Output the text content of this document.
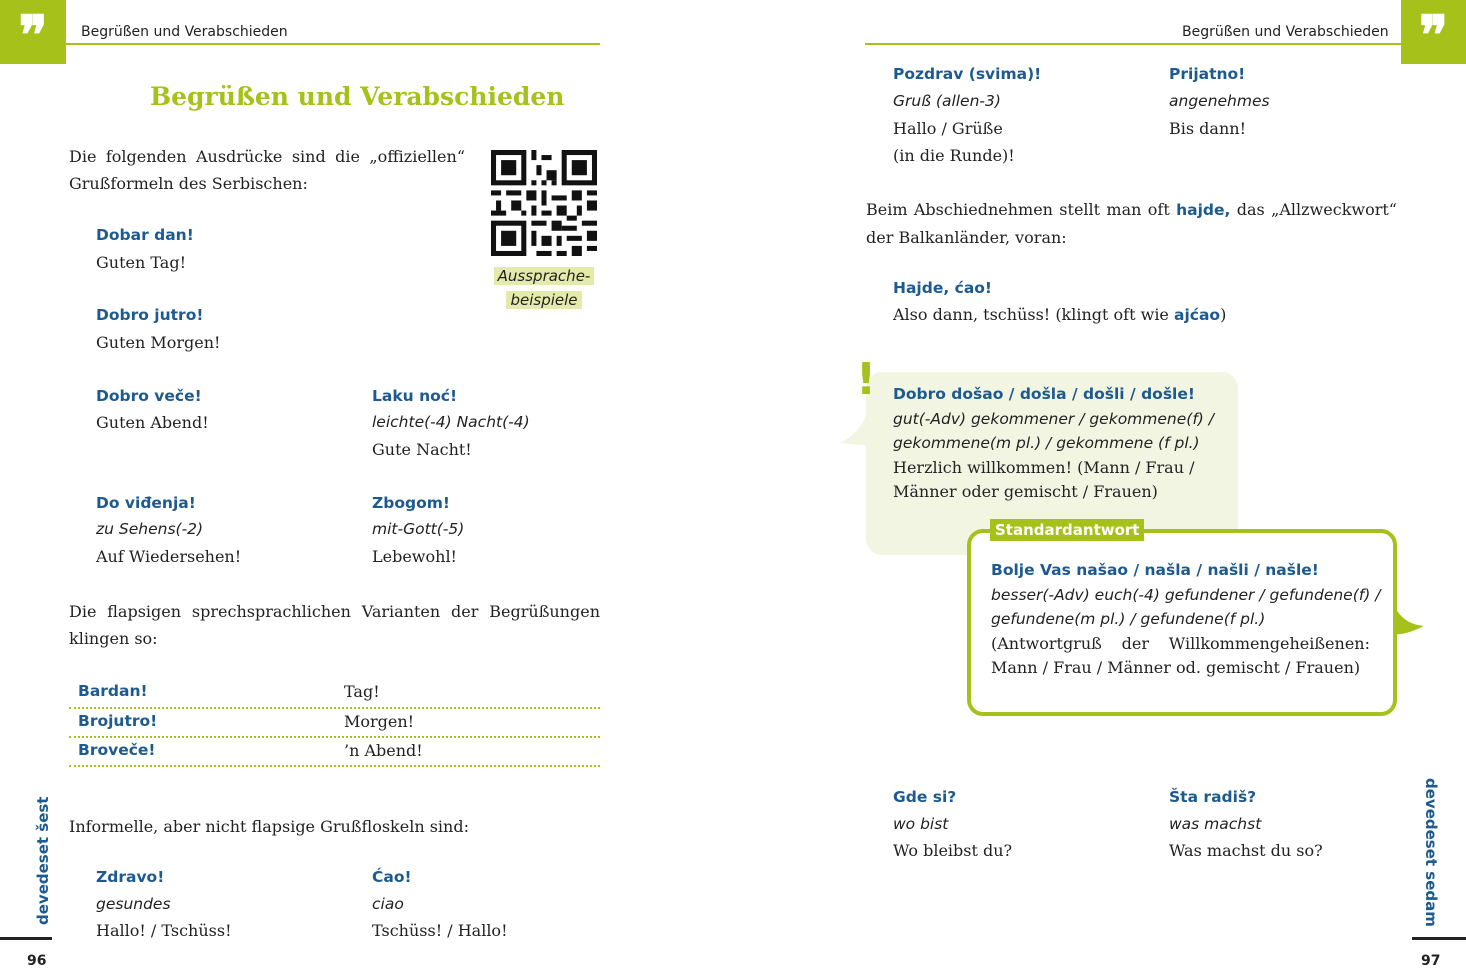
❞	Begrüßen und Verabschieden
Begrüßen und Verabschieden
Die folgenden Ausdrücke sind die „offiziellen“ Grußformeln des Serbischen:
Aussprache-
beispiele
Dobar dan!
Guten Tag!
Dobro jutro!
Guten Morgen!
Dobro veče!
Guten Abend!
Laku noć!
leichte(-4) Nacht(-4)
Gute Nacht!
Do viđenja!
zu Sehens(-2)
Auf Wiedersehen!
Zbogom!
mit-Gott(-5)
Lebewohl!
Die flapsigen sprechsprachlichen Varianten der Begrüßungen klingen so:
Bardan!	Tag!
Brojutro!	Morgen!
Broveče!	’n Abend!
Informelle, aber nicht flapsige Grußfloskeln sind:
Zdravo!
gesundes
Hallo! / Tschüss!
Ćao!
ciao
Tschüss! / Hallo!
devedeset šest
96
❞
Begrüßen und Verabschieden
Pozdrav (svima)!
Gruß (allen-3)
Hallo / Grüße
(in die Runde)!
Prijatno!
angenehmes
Bis dann!
Beim Abschiednehmen stellt man oft hajde, das „Allzweckwort“ der Balkanländer, voran:
Hajde, ćao!
Also dann, tschüss! (klingt oft wie ajćao)
! Dobro došao / došla / došli / došle!
gut(-Adv) gekommener / gekommene(f) /
gekommene(m pl.) / gekommene (f pl.)
Herzlich willkommen! (Mann / Frau /
Männer oder gemischt / Frauen)
Standardantwort
Bolje Vas našao / našla / našli / našle!
besser(-Adv) euch(-4) gefundener / gefundene(f) /
gefundene(m pl.) / gefundene(f pl.)
(Antwortgruß der Willkommengeheißenen:
Mann / Frau / Männer od. gemischt / Frauen)
Gde si?
wo bist
Wo bleibst du?
Šta radiš?
was machst
Was machst du so?	devedeset sedam
97
